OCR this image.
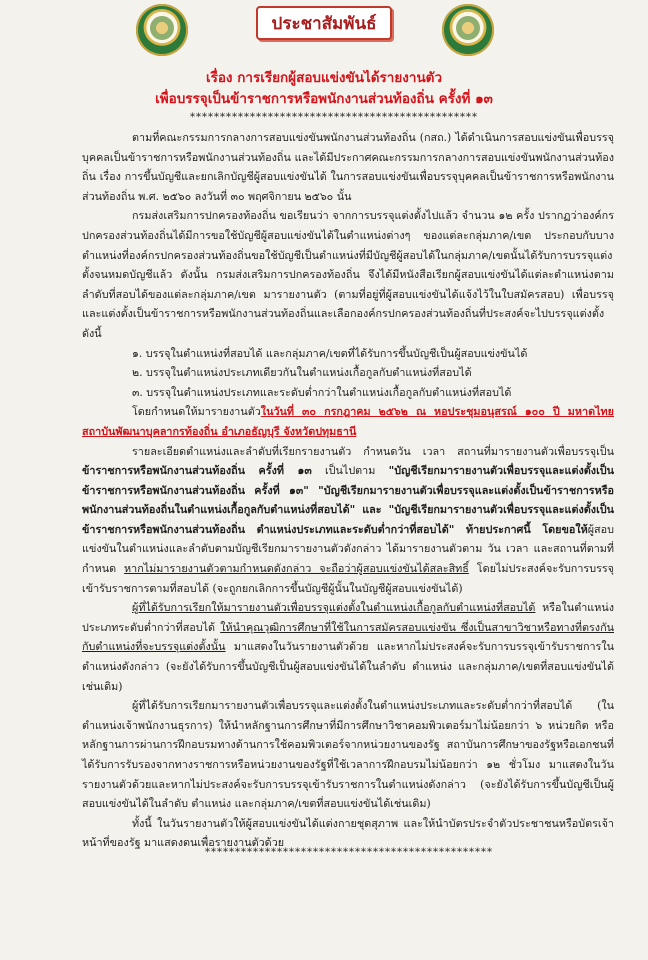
ประชาสัมพันธ์
เรื่อง การเรียกผู้สอบแข่งขันได้รายงานตัว
เพื่อบรรจุเป็นข้าราชการหรือพนักงานส่วนท้องถิ่น ครั้งที่ ๑๓
************************************************

ตามที่คณะกรรมการกลางการสอบแข่งขันพนักงานส่วนท้องถิ่น (กสถ.) ได้ดำเนินการสอบแข่งขันเพื่อบรรจุบุคคลเป็นข้าราชการหรือพนักงานส่วนท้องถิ่น และได้มีประกาศคณะกรรมการกลางการสอบแข่งขันพนักงานส่วนท้องถิ่น เรื่อง การขึ้นบัญชีและยกเลิกบัญชีผู้สอบแข่งขันได้ ในการสอบแข่งขันเพื่อบรรจุบุคคลเป็นข้าราชการหรือพนักงานส่วนท้องถิ่น พ.ศ. ๒๕๖๐ ลงวันที่ ๓๐ พฤศจิกายน ๒๕๖๐ นั้น

กรมส่งเสริมการปกครองท้องถิ่น ขอเรียนว่า จากการบรรจุแต่งตั้งไปแล้ว จำนวน ๑๒ ครั้ง ปรากฏว่าองค์กรปกครองส่วนท้องถิ่นได้มีการขอใช้บัญชีผู้สอบแข่งขันได้ในตำแหน่งต่างๆ ของแต่ละกลุ่มภาค/เขต ประกอบกับบางตำแหน่งที่องค์กรปกครองส่วนท้องถิ่นขอใช้บัญชีเป็นตำแหน่งที่มีบัญชีผู้สอบได้ในกลุ่มภาค/เขตนั้นได้รับการบรรจุแต่งตั้งจนหมดบัญชีแล้ว ดังนั้น กรมส่งเสริมการปกครองท้องถิ่น จึงได้มีหนังสือเรียกผู้สอบแข่งขันได้แต่ละตำแหน่งตามลำดับที่สอบได้ของแต่ละกลุ่มภาค/เขต มารายงานตัว (ตามที่อยู่ที่ผู้สอบแข่งขันได้แจ้งไว้ในใบสมัครสอบ) เพื่อบรรจุและแต่งตั้งเป็นข้าราชการหรือพนักงานส่วนท้องถิ่นและเลือกองค์กรปกครองส่วนท้องถิ่นที่ประสงค์จะไปบรรจุแต่งตั้ง ดังนี้

๑. บรรจุในตำแหน่งที่สอบได้ และกลุ่มภาค/เขตที่ได้รับการขึ้นบัญชีเป็นผู้สอบแข่งขันได้

๒. บรรจุในตำแหน่งประเภทเดียวกันในตำแหน่งเกื้อกูลกับตำแหน่งที่สอบได้

๓. บรรจุในตำแหน่งประเภทและระดับต่ำกว่าในตำแหน่งเกื้อกูลกับตำแหน่งที่สอบได้

โดยกำหนดให้มารายงานตัวในวันที่ ๓๐ กรกฎาคม ๒๕๖๒ ณ หอประชุมอนุสรณ์ ๑๐๐ ปี มหาดไทย สถาบันพัฒนาบุคลากรท้องถิ่น อำเภอธัญบุรี จังหวัดปทุมธานี

รายละเอียดตำแหน่งและลำดับที่เรียกรายงานตัว กำหนดวัน เวลา สถานที่มารายงานตัวเพื่อบรรจุเป็นข้าราชการหรือพนักงานส่วนท้องถิ่น ครั้งที่ ๑๓ เป็นไปตาม "บัญชีเรียกมารายงานตัวเพื่อบรรจุและแต่งตั้งเป็นข้าราชการหรือพนักงานส่วนท้องถิ่น ครั้งที่ ๑๓" "บัญชีเรียกมารายงานตัวเพื่อบรรจุและแต่งตั้งเป็นข้าราชการหรือพนักงานส่วนท้องถิ่นในตำแหน่งเกื้อกูลกับตำแหน่งที่สอบได้" และ "บัญชีเรียกมารายงานตัวเพื่อบรรจุและแต่งตั้งเป็นข้าราชการหรือพนักงานส่วนท้องถิ่น ตำแหน่งประเภทและระดับต่ำกว่าที่สอบได้" ท้ายประกาศนี้ โดยขอให้ผู้สอบแข่งขันในตำแหน่งและลำดับตามบัญชีเรียกมารายงานตัวดังกล่าว ได้มารายงานตัวตาม วัน เวลา และสถานที่ตามที่กำหนด หากไม่มารายงานตัวตามกำหนดดังกล่าว จะถือว่าผู้สอบแข่งขันได้สละสิทธิ์ โดยไม่ประสงค์จะรับการบรรจุเข้ารับราชการตามที่สอบได้ (จะถูกยกเลิกการขึ้นบัญชีผู้นั้นในบัญชีผู้สอบแข่งขันได้)

ผู้ที่ได้รับการเรียกให้มารายงานตัวเพื่อบรรจุแต่งตั้งในตำแหน่งเกื้อกูลกับตำแหน่งที่สอบได้ หรือในตำแหน่งประเภทระดับต่ำกว่าที่สอบได้ ให้นำคุณวุฒิการศึกษาที่ใช้ในการสมัครสอบแข่งขัน ซึ่งเป็นสาขาวิชาหรือทางที่ตรงกันกับตำแหน่งที่จะบรรจุแต่งตั้งนั้น มาแสดงในวันรายงานตัวด้วย และหากไม่ประสงค์จะรับการบรรจุเข้ารับราชการในตำแหน่งดังกล่าว (จะยังได้รับการขึ้นบัญชีเป็นผู้สอบแข่งขันได้ในลำดับ ตำแหน่ง และกลุ่มภาค/เขตที่สอบแข่งขันได้เช่นเดิม)

ผู้ที่ได้รับการเรียกมารายงานตัวเพื่อบรรจุและแต่งตั้งในตำแหน่งประเภทและระดับต่ำกว่าที่สอบได้ (ในตำแหน่งเจ้าพนักงานธุรการ) ให้นำหลักฐานการศึกษาที่มีการศึกษาวิชาคอมพิวเตอร์มาไม่น้อยกว่า ๖ หน่วยกิต หรือหลักฐานการผ่านการฝึกอบรมทางด้านการใช้คอมพิวเตอร์จากหน่วยงานของรัฐ สถาบันการศึกษาของรัฐหรือเอกชนที่ได้รับการรับรองจากทางราชการหรือหน่วยงานของรัฐที่ใช้เวลาการฝึกอบรมไม่น้อยกว่า ๑๒ ชั่วโมง มาแสดงในวันรายงานตัวด้วยและหากไม่ประสงค์จะรับการบรรจุเข้ารับราชการในตำแหน่งดังกล่าว (จะยังได้รับการขึ้นบัญชีเป็นผู้สอบแข่งขันได้ในลำดับ ตำแหน่ง และกลุ่มภาค/เขตที่สอบแข่งขันได้เช่นเดิม)

ทั้งนี้ ในวันรายงานตัวให้ผู้สอบแข่งขันได้แต่งกายชุดสุภาพ และให้นำบัตรประจำตัวประชาชนหรือบัตรเจ้าหน้าที่ของรัฐ มาแสดงตนเพื่อรายงานตัวด้วย

************************************************
